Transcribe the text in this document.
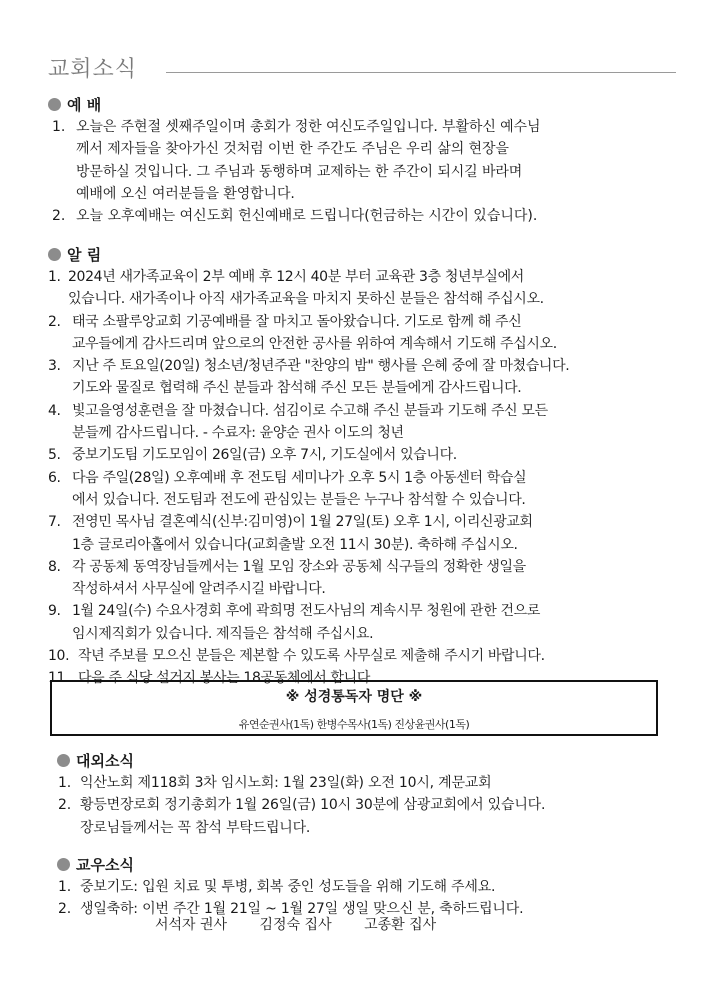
교회소식
예 배
1. 오늘은 주현절 셋째주일이며 총회가 정한 여신도주일입니다. 부활하신 예수님
께서 제자들을 찾아가신 것처럼 이번 한 주간도 주님은 우리 삶의 현장을
방문하실 것입니다. 그 주님과 동행하며 교제하는 한 주간이 되시길 바라며
예배에 오신 여러분들을 환영합니다.
2. 오늘 오후예배는 여신도회 헌신예배로 드립니다(헌금하는 시간이 있습니다).
알 림
1. 2024년 새가족교육이 2부 예배 후 12시 40분 부터 교육관 3층 청년부실에서
있습니다. 새가족이나 아직 새가족교육을 마치지 못하신 분들은 참석해 주십시오.
2. 태국 소팔루앙교회 기공예배를 잘 마치고 돌아왔습니다. 기도로 함께 해 주신
교우들에게 감사드리며 앞으로의 안전한 공사를 위하여 계속해서 기도해 주십시오.
3. 지난 주 토요일(20일) 청소년/청년주관 "찬양의 밤" 행사를 은혜 중에 잘 마쳤습니다.
기도와 물질로 협력해 주신 분들과 참석해 주신 모든 분들에게 감사드립니다.
4. 빛고을영성훈련을 잘 마쳤습니다. 섬김이로 수고해 주신 분들과 기도해 주신 모든
분들께 감사드립니다. - 수료자: 윤양순 권사 이도의 청년
5. 중보기도팀 기도모임이 26일(금) 오후 7시, 기도실에서 있습니다.
6. 다음 주일(28일) 오후예배 후 전도팀 세미나가 오후 5시 1층 아동센터 학습실
에서 있습니다. 전도팀과 전도에 관심있는 분들은 누구나 참석할 수 있습니다.
7. 전영민 목사님 결혼예식(신부:김미영)이 1월 27일(토) 오후 1시, 이리신광교회
1층 글로리아홀에서 있습니다(교회출발 오전 11시 30분). 축하해 주십시오.
8. 각 공동체 동역장님들께서는 1월 모임 장소와 공동체 식구들의 정확한 생일을
작성하셔서 사무실에 알려주시길 바랍니다.
9. 1월 24일(수) 수요사경회 후에 곽희명 전도사님의 계속시무 청원에 관한 건으로
임시제직회가 있습니다. 제직들은 참석해 주십시요.
10. 작년 주보를 모으신 분들은 제본할 수 있도록 사무실로 제출해 주시기 바랍니다.
11. 다음 주 식당 설거지 봉사는 18공동체에서 합니다.
※ 성경통독자 명단 ※
유연순권사(1독) 한병수목사(1독) 진상윤권사(1독)
대외소식
1. 익산노회 제118회 3차 임시노회: 1월 23일(화) 오전 10시, 계문교회
2. 황등면장로회 정기총회가 1월 26일(금) 10시 30분에 삼광교회에서 있습니다.
장로님들께서는 꼭 참석 부탁드립니다.
교우소식
1. 중보기도: 입원 치료 및 투병, 회복 중인 성도들을 위해 기도해 주세요.
2. 생일축하: 이번 주간 1월 21일 ~ 1월 27일 생일 맞으신 분, 축하드립니다.
서석자 권사 김정숙 집사 고종환 집사
